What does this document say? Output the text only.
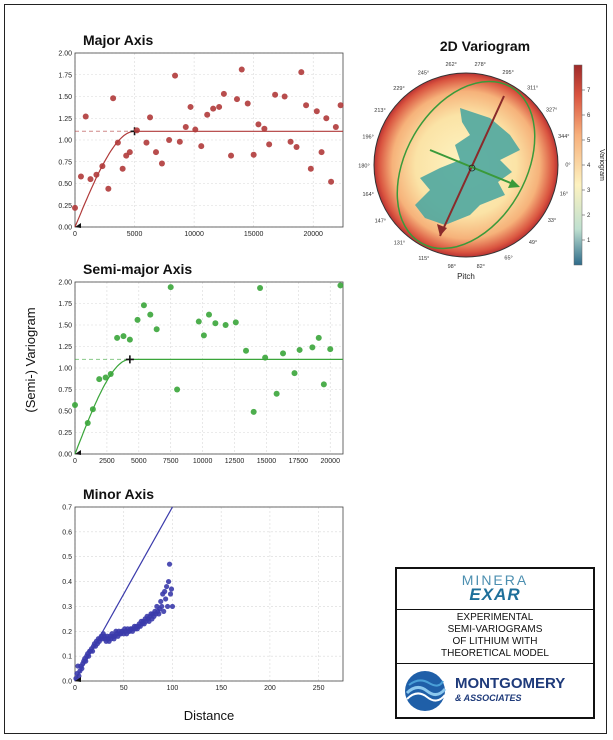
(Semi-) Variogram
Distance
Major Axis
0	5000	10000	15000	20000
0.00
0.25
0.50
0.75
1.00
1.25
1.50
1.75
2.00
Semi-major Axis
0	2500 5000 7500 10000 12500 15000 17500 20000
0.00
0.25
0.50
0.75
1.00
1.25
1.50
1.75
2.00
Minor Axis
0	50	100	150	200	250
0.0
0.1
0.2
0.3
0.4
0.5
0.6
0.7
2D Variogram
Pitch
278°
295°
311°
327°
344°
0°
16°
33°
49°
65°
82°
98°
115°
131°
147°
164°
180°
196°
213°
229°
245°
262°
1
2
3
4
5
6
7
Variogram
MINERA
EXAR
EXPERIMENTAL
SEMI-VARIOGRAMS
OF LITHIUM WITH
THEORETICAL MODEL
MONTGOMERY
& ASSOCIATES
